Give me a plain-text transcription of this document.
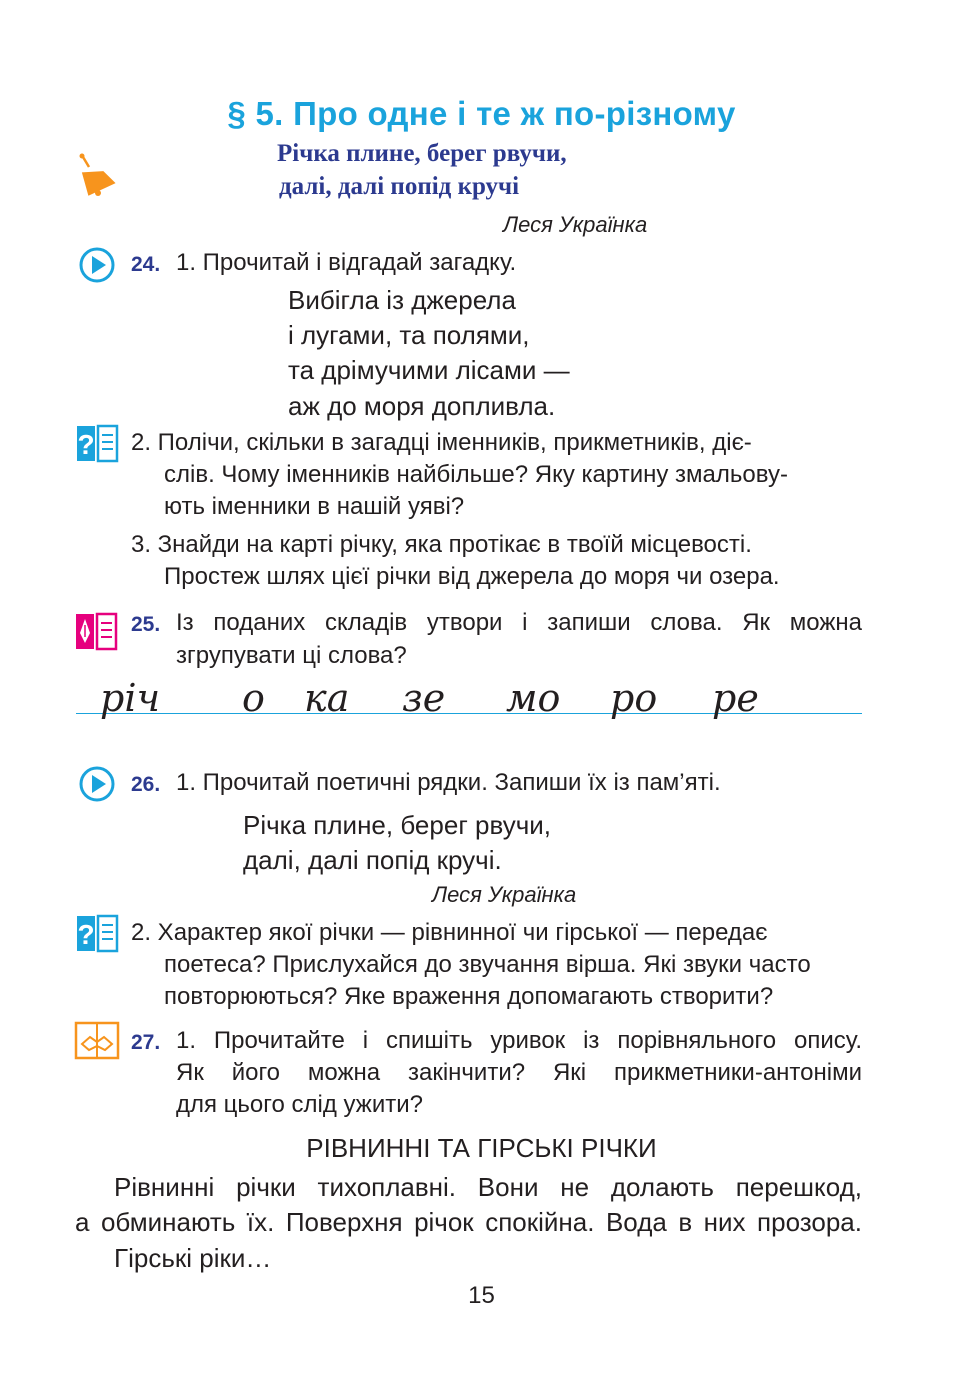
§ 5. Про одне і те ж по-різному
Річка плине, берег рвучи,
далі, далі попід кручі
Леся Українка
24. 1. Прочитай і відгадай загадку.
Вибігла із джерела
і лугами, та полями,
та дрімучими лісами —
аж до моря допливла.
? 2. Полічи, скільки в загадці іменників, прикметників, діє-
слів. Чому іменників найбільше? Яку картину змальову-
ють іменники в нашій уяві?
3. Знайди на карті річку, яка протікає в твоїй місцевості.
Простеж шлях цієї річки від джерела до моря чи озера.
25. Із поданих складів утвори і запиши слова. Як можна
згрупувати ці слова?
річ о ка зе мо ро ре
26. 1. Прочитай поетичні рядки. Запиши їх із пам’яті.
Річка плине, берег рвучи,
далі, далі попід кручі.
Леся Українка
? 2. Характер якої річки — рівнинної чи гірської — передає
поетеса? Прислухайся до звучання вірша. Які звуки часто
повторюються? Яке враження допомагають створити?
27. 1. Прочитайте і спишіть уривок із порівняльного опису.
Як його можна закінчити? Які прикметники-антоніми
для цього слід ужити?
РІВНИННІ ТА ГІРСЬКІ РІЧКИ
Рівнинні річки тихоплавні. Вони не долають перешкод,
а обминають їх. Поверхня річок спокійна. Вода в них прозора.
Гірські ріки…
15
